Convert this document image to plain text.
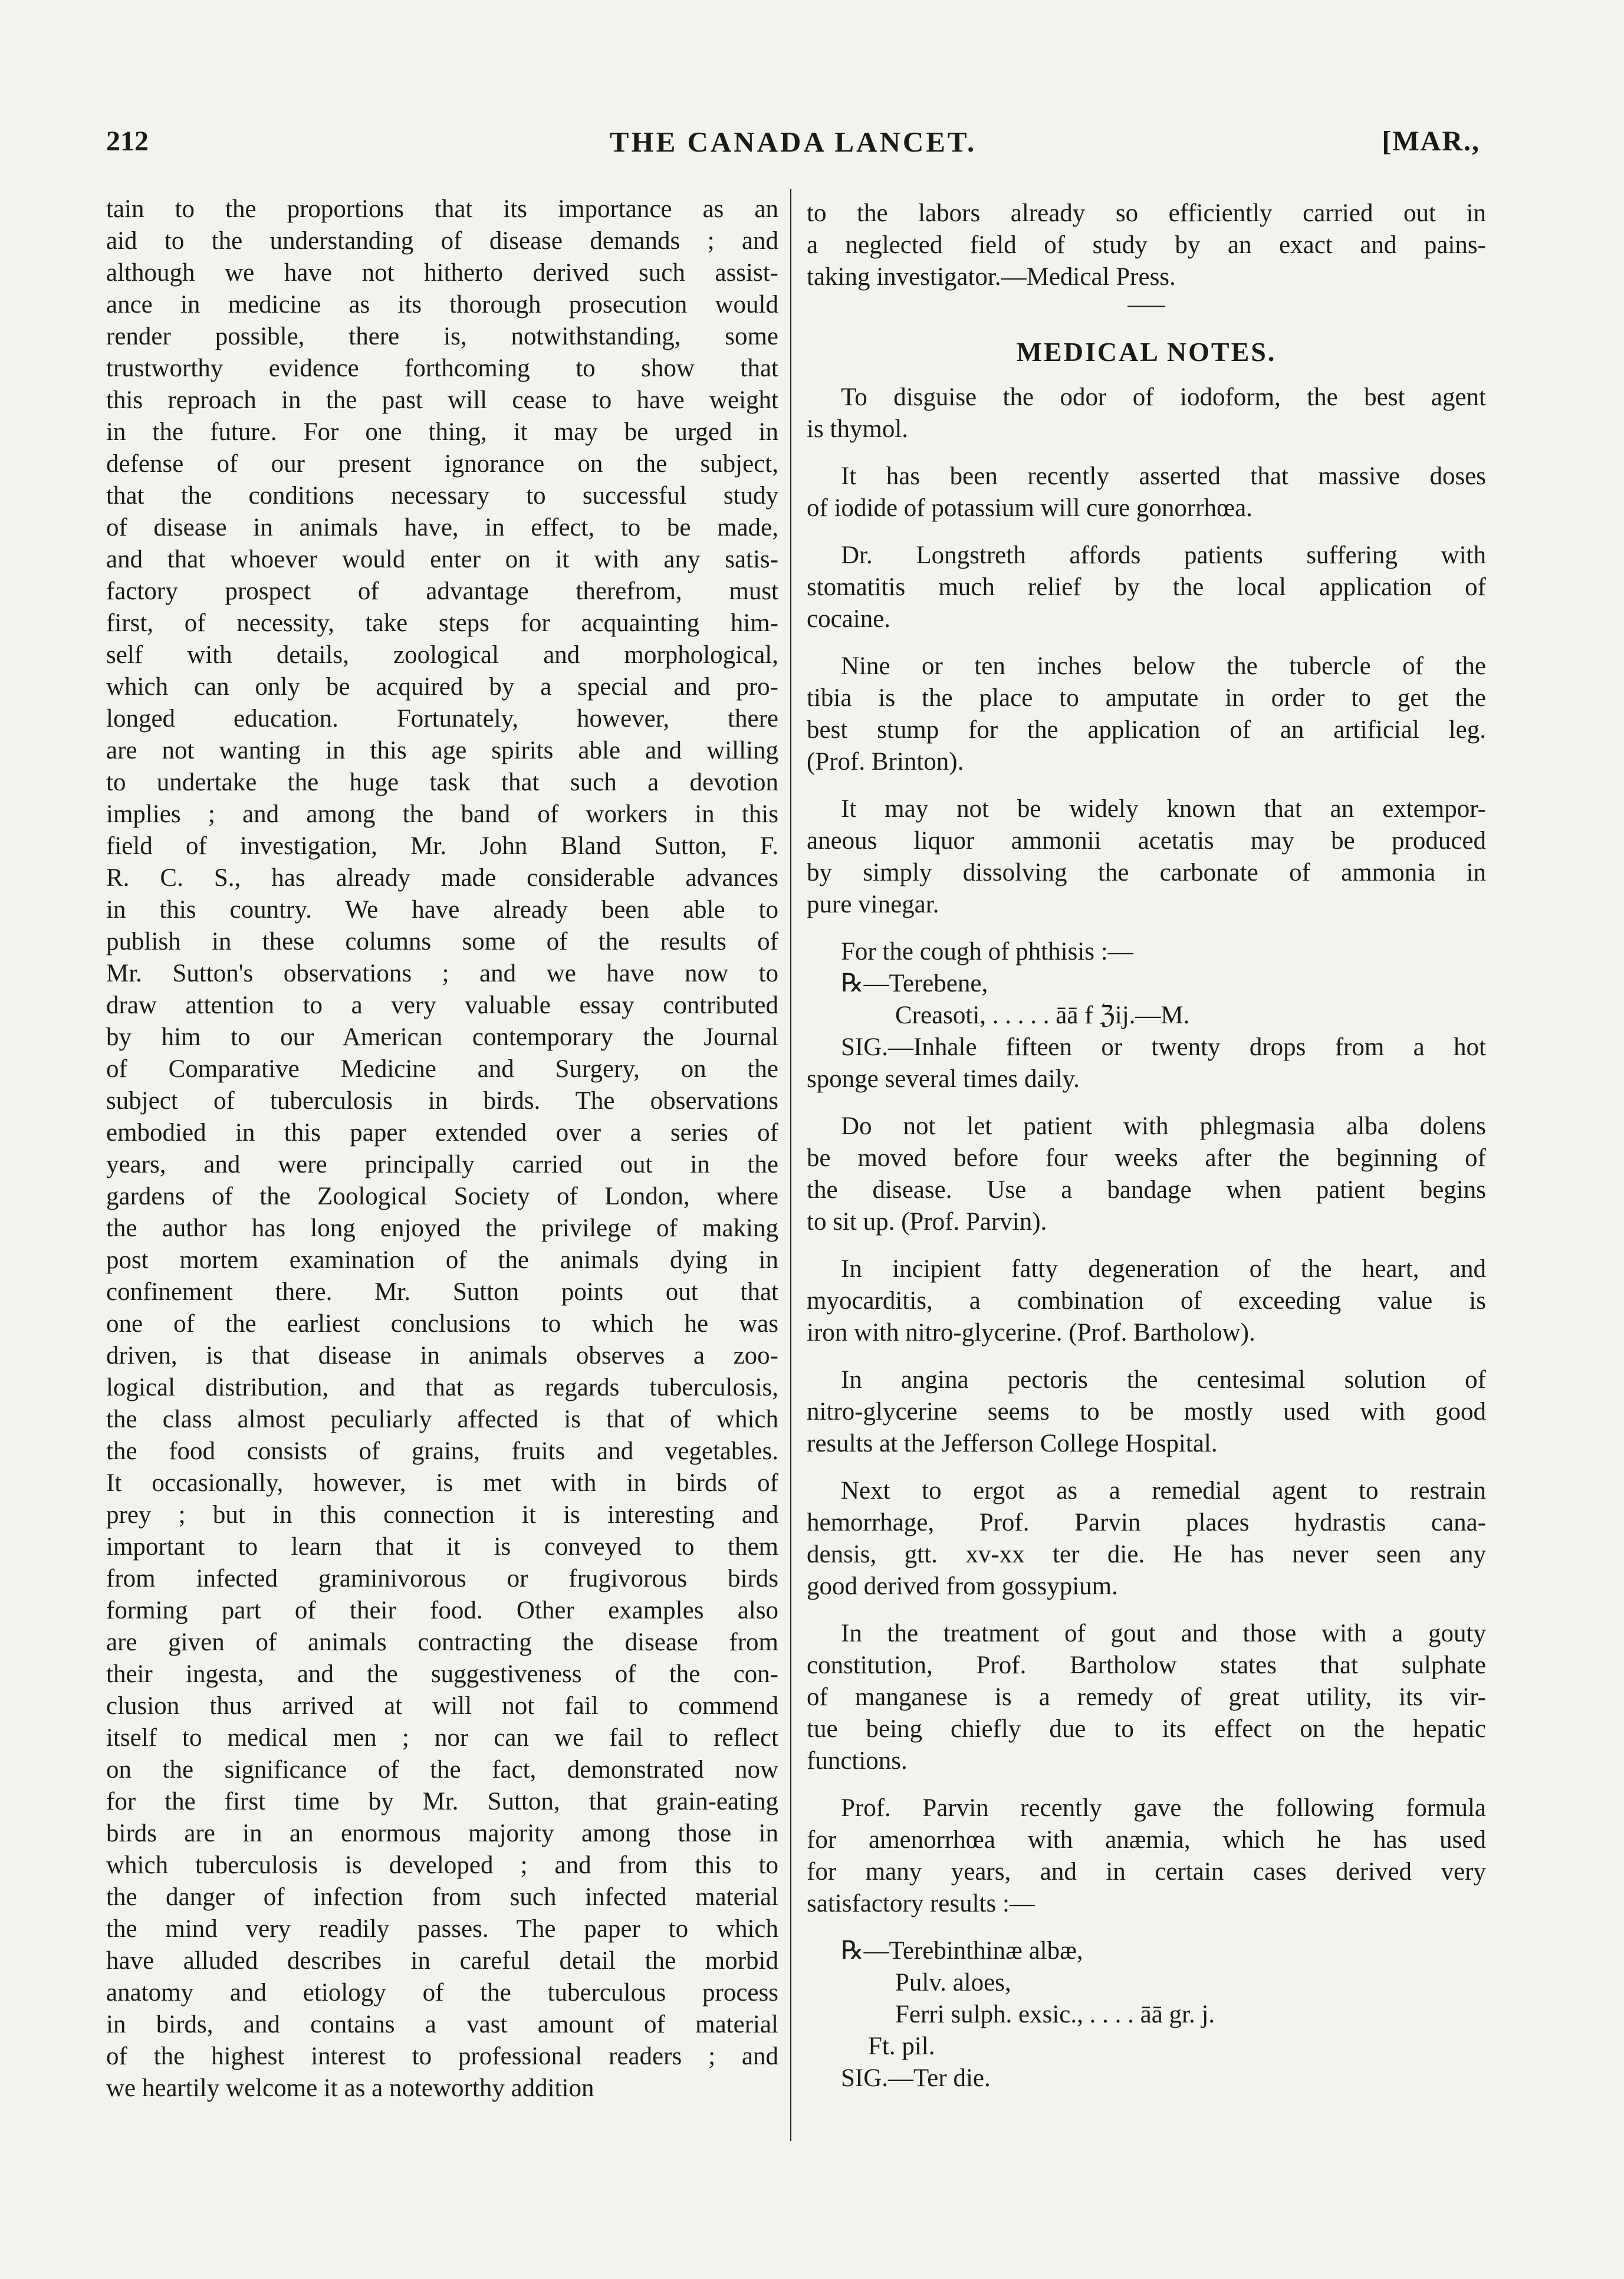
212	THE CANADA LANCET.	[MAR.,

tain to the proportions that its importance as an
aid to the understanding of disease demands ; and
although we have not hitherto derived such assist-
ance in medicine as its thorough prosecution would
render possible, there is, notwithstanding, some
trustworthy evidence forthcoming to show that
this reproach in the past will cease to have weight
in the future. For one thing, it may be urged in
defense of our present ignorance on the subject,
that the conditions necessary to successful study
of disease in animals have, in effect, to be made,
and that whoever would enter on it with any satis-
factory prospect of advantage therefrom, must
first, of necessity, take steps for acquainting him-
self with details, zoological and morphological,
which can only be acquired by a special and pro-
longed education. Fortunately, however, there
are not wanting in this age spirits able and willing
to undertake the huge task that such a devotion
implies ; and among the band of workers in this
field of investigation, Mr. John Bland Sutton, F.
R. C. S., has already made considerable advances
in this country. We have already been able to
publish in these columns some of the results of
Mr. Sutton's observations ; and we have now to
draw attention to a very valuable essay contributed
by him to our American contemporary the Journal
of Comparative Medicine and Surgery, on the
subject of tuberculosis in birds. The observations
embodied in this paper extended over a series of
years, and were principally carried out in the
gardens of the Zoological Society of London, where
the author has long enjoyed the privilege of making
post mortem examination of the animals dying in
confinement there. Mr. Sutton points out that
one of the earliest conclusions to which he was
driven, is that disease in animals observes a zoo-
logical distribution, and that as regards tuberculosis,
the class almost peculiarly affected is that of which
the food consists of grains, fruits and vegetables.
It occasionally, however, is met with in birds of
prey ; but in this connection it is interesting and
important to learn that it is conveyed to them
from infected graminivorous or frugivorous birds
forming part of their food. Other examples also
are given of animals contracting the disease from
their ingesta, and the suggestiveness of the con-
clusion thus arrived at will not fail to commend
itself to medical men ; nor can we fail to reflect
on the significance of the fact, demonstrated now
for the first time by Mr. Sutton, that grain-eating
birds are in an enormous majority among those in
which tuberculosis is developed ; and from this to
the danger of infection from such infected material
the mind very readily passes. The paper to which
have alluded describes in careful detail the morbid
anatomy and etiology of the tuberculous process
in birds, and contains a vast amount of material
of the highest interest to professional readers ; and
we heartily welcome it as a noteworthy addition

to the labors already so efficiently carried out in
a neglected field of study by an exact and pains-
taking investigator.—Medical Press.

⸺
MEDICAL NOTES.

To disguise the odor of iodoform, the best agent
is thymol.

It has been recently asserted that massive doses
of iodide of potassium will cure gonorrhœa.

Dr. Longstreth affords patients suffering with
stomatitis much relief by the local application of
cocaine.

Nine or ten inches below the tubercle of the
tibia is the place to amputate in order to get the
best stump for the application of an artificial leg.
(Prof. Brinton).

It may not be widely known that an extempor-
aneous liquor ammonii acetatis may be produced
by simply dissolving the carbonate of ammonia in
pure vinegar.

For the cough of phthisis :—
℞—Terebene,
Creasoti, . . . . . āā f ℨij.—M.

SIG.—Inhale fifteen or twenty drops from a hot
sponge several times daily.

Do not let patient with phlegmasia alba dolens
be moved before four weeks after the beginning of
the disease. Use a bandage when patient begins
to sit up. (Prof. Parvin).

In incipient fatty degeneration of the heart, and
myocarditis, a combination of exceeding value is
iron with nitro-glycerine. (Prof. Bartholow).

In angina pectoris the centesimal solution of
nitro-glycerine seems to be mostly used with good
results at the Jefferson College Hospital.

Next to ergot as a remedial agent to restrain
hemorrhage, Prof. Parvin places hydrastis cana-
densis, gtt. xv-xx ter die. He has never seen any
good derived from gossypium.

In the treatment of gout and those with a gouty
constitution, Prof. Bartholow states that sulphate
of manganese is a remedy of great utility, its vir-
tue being chiefly due to its effect on the hepatic
functions.

Prof. Parvin recently gave the following formula
for amenorrhœa with anæmia, which he has used
for many years, and in certain cases derived very
satisfactory results :—

℞—Terebinthinæ albæ,
Pulv. aloes,
Ferri sulph. exsic., . . . . āā gr. j.
Ft. pil.
SIG.—Ter die.
